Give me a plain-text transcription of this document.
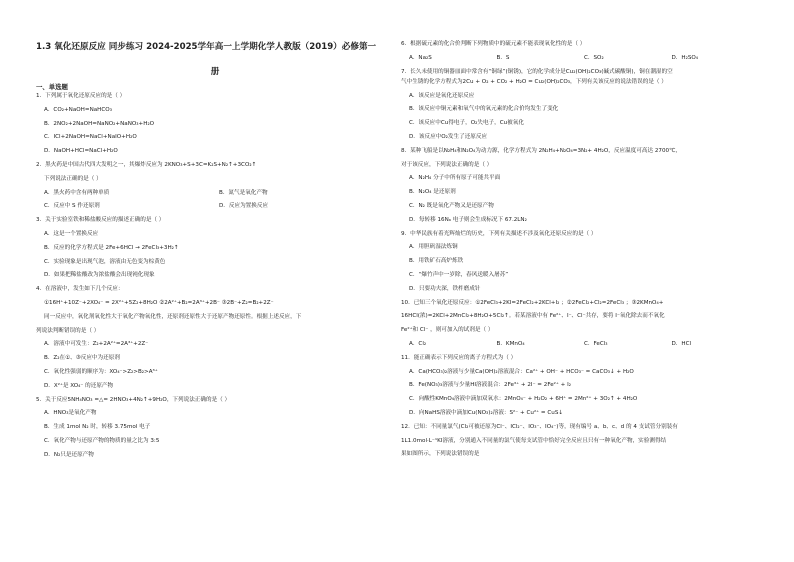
1.3 氧化还原反应 同步练习 2024-2025学年高一上学期化学人教版（2019）必修第一
册
一、单选题

1．下列属于氧化还原反应的是（ ）

A．CO₂+NaOH=NaHCO₃

B．2NO₂+2NaOH=NaNO₂+NaNO₃+H₂O

C．ICl+2NaOH=NaCl+NaIO+H₂O

D．NaOH+HCl=NaCl+H₂O

2．黑火药是中国古代四大发明之一，其爆炸反应为 2KNO₃+S+3C=K₂S+N₂↑+3CO₂↑

下列说法正确的是（ ）

A．黑火药中含有两种单质	B．氮气是氧化产物
C．反应中 S 作还原剂	D．反应为置换反应

3．关于实验室铁和稀盐酸反应的描述正确的是（ ）

A．这是一个置换反应

B．反应的化学方程式是 2Fe+6HCl → 2FeCl₃+3H₂↑

C．实验现象是出现气泡，溶液由无色变为棕黄色

D．如果把稀盐酸改为浓盐酸会出现钝化现象

4．在溶液中，发生如下几个反应：

①16H⁺+10Z⁻+2XO₄⁻ = 2X²⁺+5Z₂+8H₂O ②2A²⁺+B₂=2A³⁺+2B⁻ ③2B⁻+Z₂=B₂+2Z⁻

同一反应中，氧化剂氧化性大于氧化产物氧化性，还原剂还原性大于还原产物还原性。根据上述反应，下

列说法判断错误的是（ ）

A．溶液中可发生：Z₂+2A²⁺=2A³⁺+2Z⁻

B．Z₂在①、③反应中为还原剂

C．氧化性强弱的顺序为：XO₄⁻>Z₂>B₂>A³⁺

D．X²⁺是 XO₄⁻ 的还原产物

5．关于反应5NH₄NO₃ =△= 2HNO₃+4N₂↑+9H₂O，下列说法正确的是（ ）

A．HNO₃是氧化产物

B．生成 1mol N₂ 时，转移 3.75mol 电子

C．氧化产物与还原产物的物质的量之比为 3:5

D．N₂只是还原产物

6．根据硫元素的化合价判断下列物质中的硫元素不能表现氧化性的是（ ）

A．Na₂S	B．S	C．SO₂	D．H₂SO₄

7．长久未使用的铜器皿面中常含有“铜绿”(铜锈)，它的化学成分是Cu₂(OH)₂CO₃(碱式碳酸铜)，铜在潮湿的空

气中生锈的化学方程式为2Cu + O₂ + CO₂ + H₂O = Cu₂(OH)₂CO₃，下列有关该反应的说法错误的是（ ）

A．该反应是氧化还原反应

B．该反应中铜元素和氧气中的氧元素的化合价均发生了变化

C．该反应中Cu得电子，O₂失电子，Cu被氧化

D．该反应中O₂发生了还原反应

8．某种飞船是以N₂H₄和N₂O₄为动力源，化学方程式为 2N₂H₄+N₂O₄=3N₂+ 4H₂O，反应温度可高达 2700℃，

对于该反应，下列说法正确的是（ ）

A．N₂H₄ 分子中所有原子可能共平面

B．N₂O₄ 是还原剂

C．N₂ 既是氧化产物又是还原产物

D．每转移 16Nₐ 电子则会生成标况下 67.2LN₂

9．中华民族有着光辉灿烂的历史，下列有关描述不涉及氧化还原反应的是（ ）

A．用胆矾湿法炼铜

B．用铁矿石高炉炼铁

C．“爆竹声中一岁除，春风送暖入屠苏”

D．只要功夫深，铁杵磨成针

10．已知三个氧化还原反应：①2FeCl₃+2KI=2FeCl₂+2KCl+I₂ ；②2FeCl₂+Cl₂=2FeCl₃ ；③2KMnO₄+

16HCl(浓)=2KCl+2MnCl₂+8H₂O+5Cl₂↑。若某溶液中有 Fe²⁺、I⁻、Cl⁻共存，要将 I⁻氧化除去而不氧化

Fe²⁺和 Cl⁻ ，则可加入的试剂是（ ）

A．Cl₂	B．KMnO₄	C．FeCl₃	D．HCl

11．能正确表示下列反应的离子方程式为（ ）

A．Ca(HCO₃)₂溶液与少量Ca(OH)₂溶液混合：Ca²⁺ + OH⁻ + HCO₃⁻ = CaCO₃↓ + H₂O

B．Fe(NO₃)₃溶液与少量HI溶液混合：2Fe³⁺ + 2I⁻ = 2Fe²⁺ + I₂

C．向酸性KMnO₄溶液中滴加双氧水：2MnO₄⁻ + H₂O₂ + 6H⁺ = 2Mn²⁺ + 3O₂↑ + 4H₂O

D．向NaHS溶液中滴加Cu(NO₃)₂溶液：S²⁻ + Cu²⁺ = CuS↓

12．已知：不同量氯气(Cl₂可被还原为Cl⁻、ICl₂⁻、IO₃⁻、IO₄⁻)等，现有编号 a、b、c、d 的 4 支试管分别装有

1L1.0mol·L⁻¹KI溶液，分别通入不同量的氯气使每支试管中恰好完全反应且只有一种氧化产物，实验测得结

果如图所示，下列说法错误的是
